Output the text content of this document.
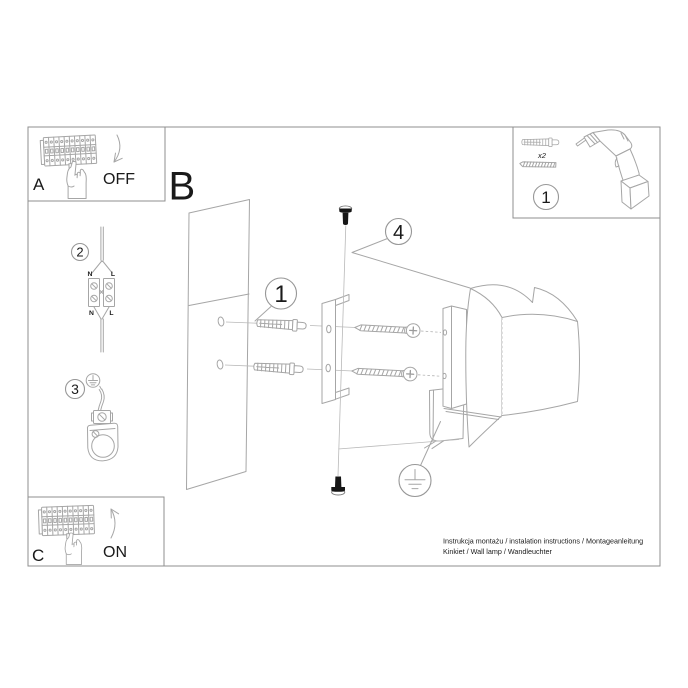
A	OFF B
C	ON
x2
1
2
N	L
N L
3
1
4
Instrukcja montażu / instalation instructions / Montageanleitung
Kinkiet / Wall lamp / Wandleuchter
